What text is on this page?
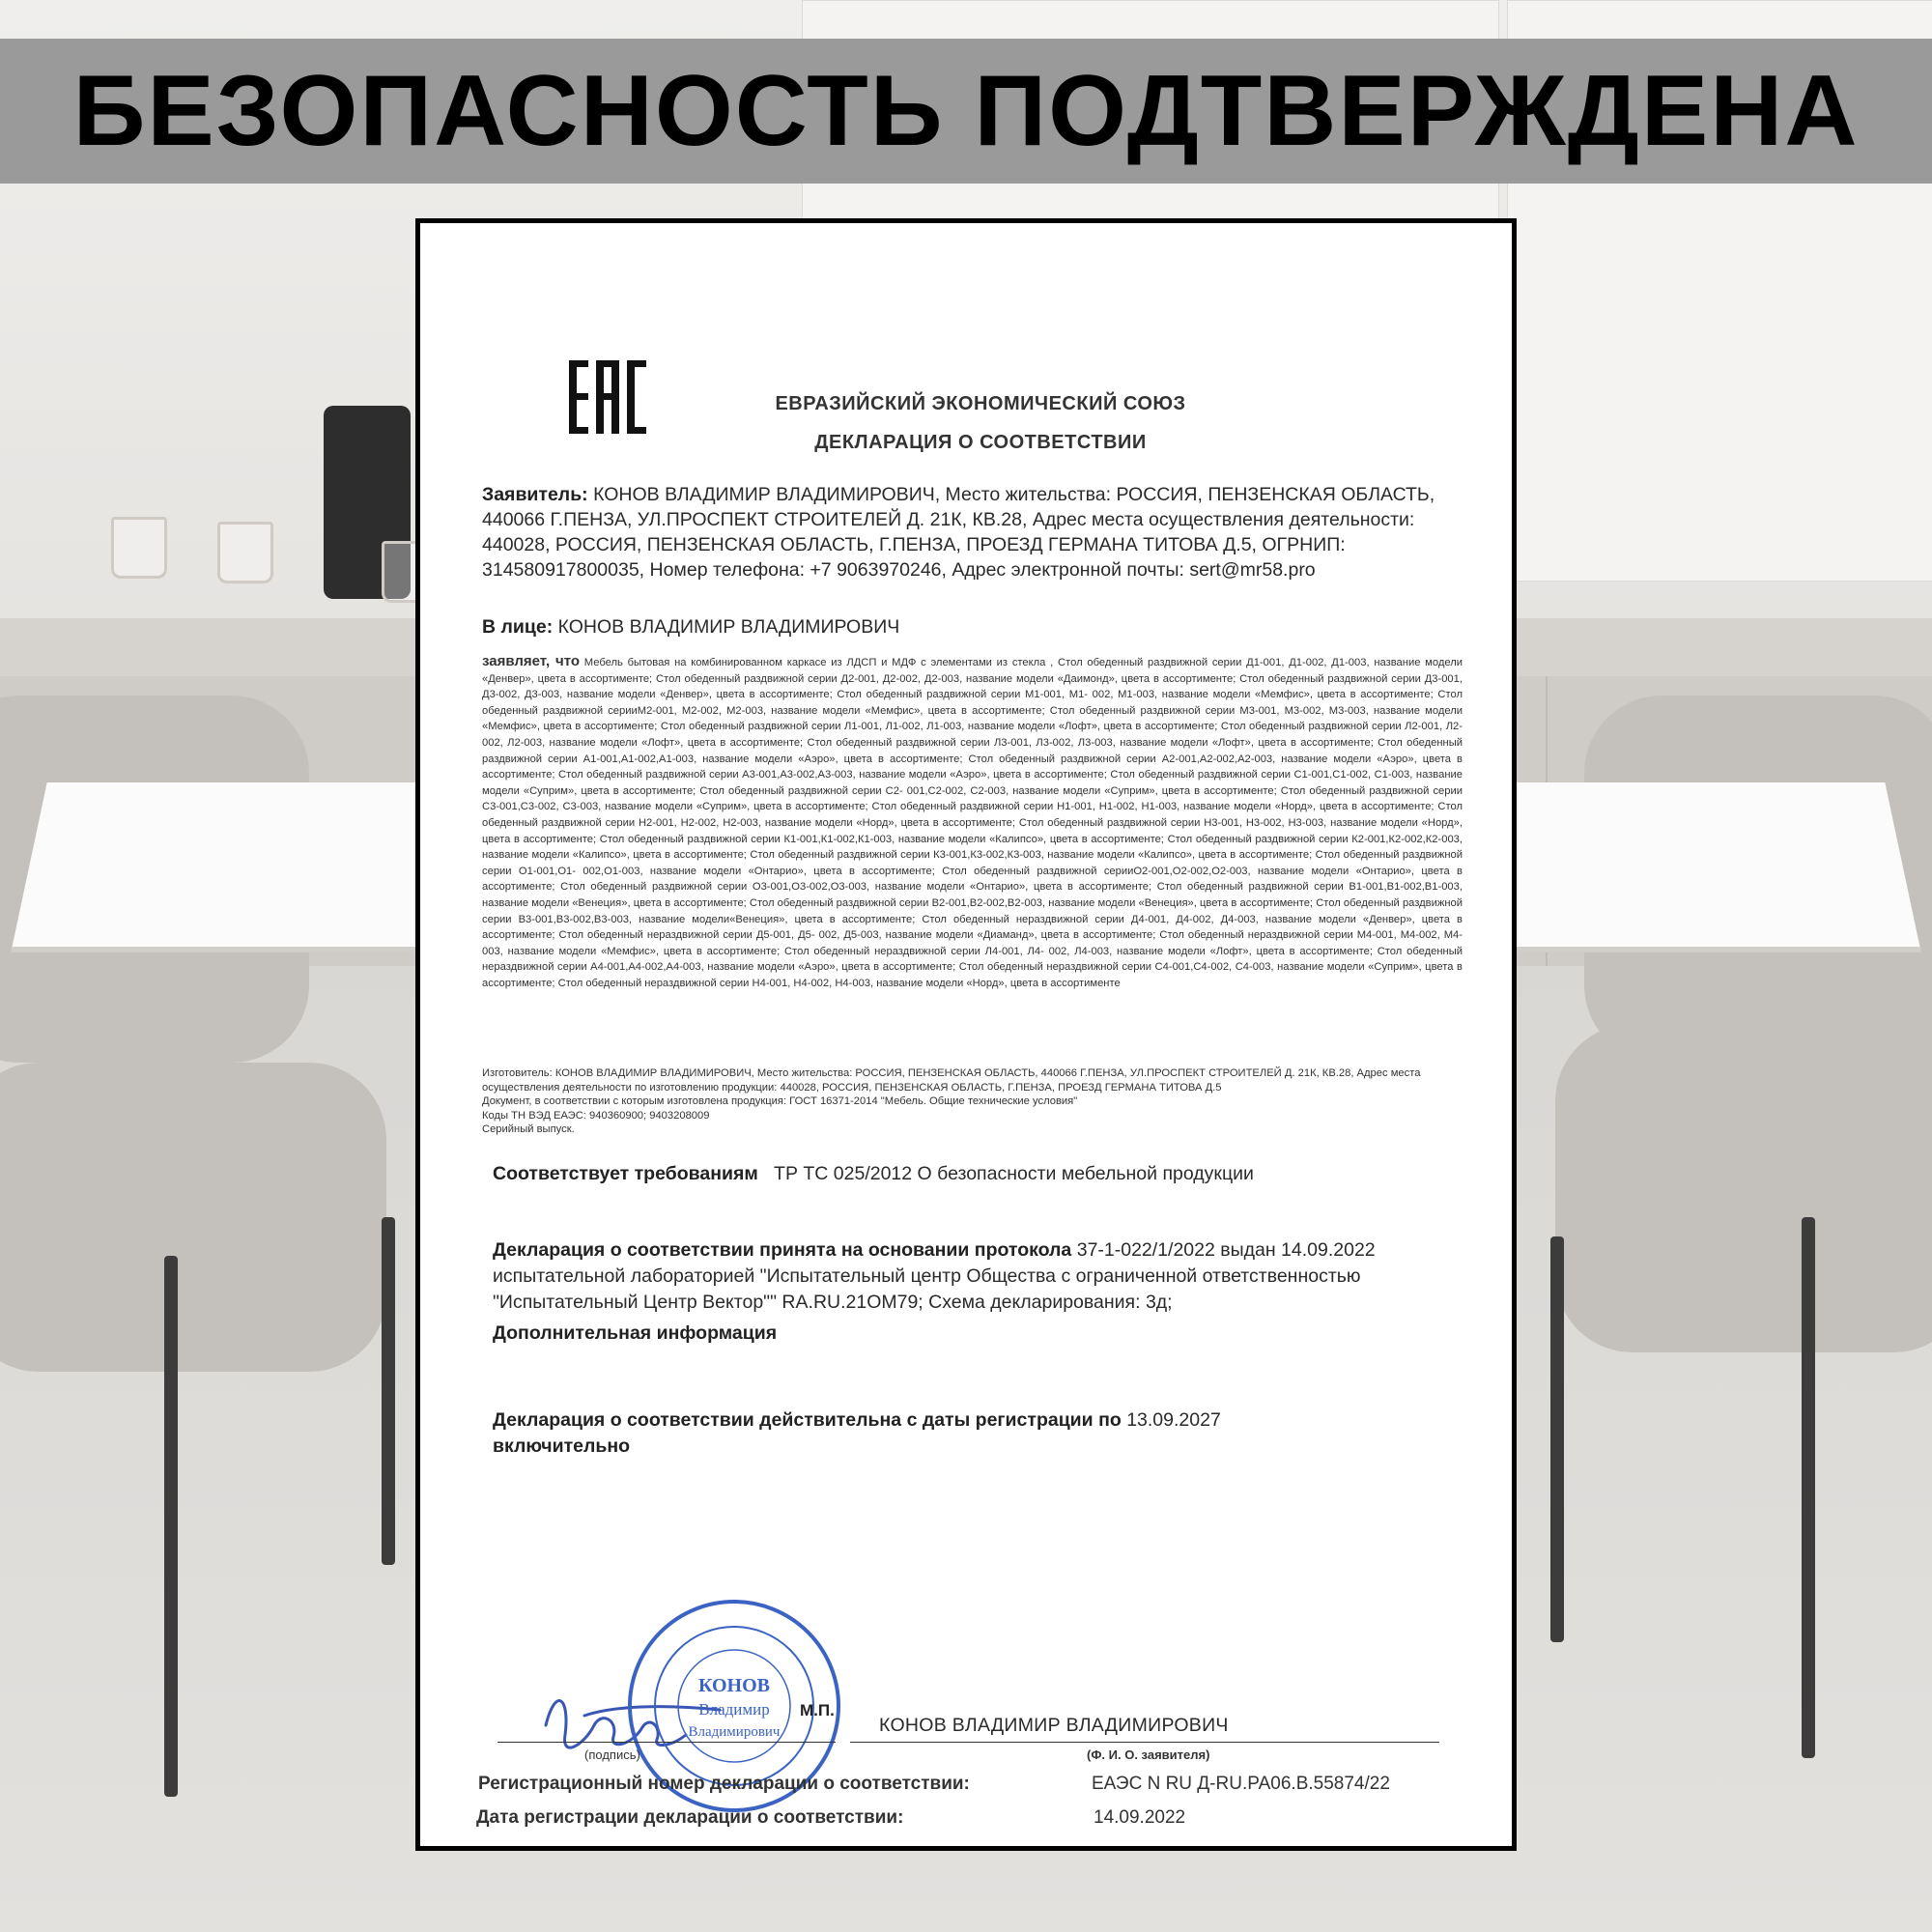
БЕЗОПАСНОСТЬ ПОДТВЕРЖДЕНА
ЕВРАЗИЙСКИЙ ЭКОНОМИЧЕСКИЙ СОЮЗ
ДЕКЛАРАЦИЯ О СООТВЕТСТВИИ
Заявитель: КОНОВ ВЛАДИМИР ВЛАДИМИРОВИЧ, Место жительства: РОССИЯ, ПЕНЗЕНСКАЯ ОБЛАСТЬ, 440066 Г.ПЕНЗА, УЛ.ПРОСПЕКТ СТРОИТЕЛЕЙ Д. 21К, КВ.28, Адрес места осуществления деятельности: 440028, РОССИЯ, ПЕНЗЕНСКАЯ ОБЛАСТЬ, Г.ПЕНЗА, ПРОЕЗД ГЕРМАНА ТИТОВА Д.5, ОГРНИП: 314580917800035, Номер телефона: +7 9063970246, Адрес электронной почты: sert@mr58.pro
В лице: КОНОВ ВЛАДИМИР ВЛАДИМИРОВИЧ
заявляет, что Мебель бытовая на комбинированном каркасе из ЛДСП и МДФ с элементами из стекла , Стол обеденный раздвижной серии Д1-001, Д1-002, Д1-003, название модели «Денвер», цвета в ассортименте; Стол обеденный раздвижной серии Д2-001, Д2-002, Д2-003, название модели «Даимонд», цвета в ассортименте; Стол обеденный раздвижной серии Д3-001, Д3-002, Д3-003, название модели «Денвер», цвета в ассортименте; Стол обеденный раздвижной серии М1-001, М1- 002, М1-003, название модели «Мемфис», цвета в ассортименте; Стол обеденный раздвижной серииМ2-001, М2-002, М2-003, название модели «Мемфис», цвета в ассортименте; Стол обеденный раздвижной серии М3-001, М3-002, М3-003, название модели «Мемфис», цвета в ассортименте; Стол обеденный раздвижной серии Л1-001, Л1-002, Л1-003, название модели «Лофт», цвета в ассортименте; Стол обеденный раздвижной серии Л2-001, Л2-002, Л2-003, название модели «Лофт», цвета в ассортименте; Стол обеденный раздвижной серии Л3-001, Л3-002, Л3-003, название модели «Лофт», цвета в ассортименте; Стол обеденный раздвижной серии А1-001,А1-002,А1-003, название модели «Аэро», цвета в ассортименте; Стол обеденный раздвижной серии А2-001,А2-002,А2-003, название модели «Аэро», цвета в ассортименте; Стол обеденный раздвижной серии А3-001,А3-002,А3-003, название модели «Аэро», цвета в ассортименте; Стол обеденный раздвижной серии С1-001,С1-002, С1-003, название модели «Суприм», цвета в ассортименте; Стол обеденный раздвижной серии С2- 001,С2-002, С2-003, название модели «Суприм», цвета в ассортименте; Стол обеденный раздвижной серии С3-001,С3-002, С3-003, название модели «Суприм», цвета в ассортименте; Стол обеденный раздвижной серии Н1-001, Н1-002, Н1-003, название модели «Норд», цвета в ассортименте; Стол обеденный раздвижной серии Н2-001, Н2-002, Н2-003, название модели «Норд», цвета в ассортименте; Стол обеденный раздвижной серии Н3-001, Н3-002, Н3-003, название модели «Норд», цвета в ассортименте; Стол обеденный раздвижной серии К1-001,К1-002,К1-003, название модели «Калипсо», цвета в ассортименте; Стол обеденный раздвижной серии К2-001,К2-002,К2-003, название модели «Калипсо», цвета в ассортименте; Стол обеденный раздвижной серии К3-001,К3-002,К3-003, название модели «Калипсо», цвета в ассортименте; Стол обеденный раздвижной серии О1-001,О1- 002,О1-003, название модели «Онтарио», цвета в ассортименте; Стол обеденный раздвижной серииО2-001,О2-002,О2-003, название модели «Онтарио», цвета в ассортименте; Стол обеденный раздвижной серии О3-001,О3-002,О3-003, название модели «Онтарио», цвета в ассортименте; Стол обеденный раздвижной серии В1-001,В1-002,В1-003, название модели «Венеция», цвета в ассортименте; Стол обеденный раздвижной серии В2-001,В2-002,В2-003, название модели «Венеция», цвета в ассортименте; Стол обеденный раздвижной серии В3-001,В3-002,В3-003, название модели«Венеция», цвета в ассортименте; Стол обеденный нераздвижной серии Д4-001, Д4-002, Д4-003, название модели «Денвер», цвета в ассортименте; Стол обеденный нераздвижной серии Д5-001, Д5- 002, Д5-003, название модели «Диаманд», цвета в ассортименте; Стол обеденный нераздвижной серии М4-001, М4-002, М4-003, название модели «Мемфис», цвета в ассортименте; Стол обеденный нераздвижной серии Л4-001, Л4- 002, Л4-003, название модели «Лофт», цвета в ассортименте; Стол обеденный нераздвижной серии А4-001,А4-002,А4-003, название модели «Аэро», цвета в ассортименте; Стол обеденный нераздвижной серии С4-001,С4-002, С4-003, название модели «Суприм», цвета в ассортименте; Стол обеденный нераздвижной серии Н4-001, Н4-002, Н4-003, название модели «Норд», цвета в ассортименте
Изготовитель: КОНОВ ВЛАДИМИР ВЛАДИМИРОВИЧ, Место жительства: РОССИЯ, ПЕНЗЕНСКАЯ ОБЛАСТЬ, 440066 Г.ПЕНЗА, УЛ.ПРОСПЕКТ СТРОИТЕЛЕЙ Д. 21К, КВ.28, Адрес места осуществления деятельности по изготовлению продукции: 440028, РОССИЯ, ПЕНЗЕНСКАЯ ОБЛАСТЬ, Г.ПЕНЗА, ПРОЕЗД ГЕРМАНА ТИТОВА Д.5
Документ, в соответствии с которым изготовлена продукция: ГОСТ 16371-2014 "Мебель. Общие технические условия"
Коды ТН ВЭД ЕАЭС: 940360900; 9403208009
Серийный выпуск.
Соответствует требованиям ТР ТС 025/2012 О безопасности мебельной продукции
Декларация о соответствии принята на основании протокола 37-1-022/1/2022 выдан 14.09.2022 испытательной лабораторией "Испытательный центр Общества с ограниченной ответственностью "Испытательный Центр Вектор"" RA.RU.21ОМ79; Схема декларирования: 3д;
Дополнительная информация
Декларация о соответствии действительна с даты регистрации по 13.09.2027
включительно
КОНОВ
Владимир
Владимирович
М.П.
КОНОВ ВЛАДИМИР ВЛАДИМИРОВИЧ
(подпись)	(Ф. И. О. заявителя)
Регистрационный номер декларации о соответствии:	ЕАЭС N RU Д-RU.РА06.В.55874/22
Дата регистрации декларации о соответствии:	14.09.2022
